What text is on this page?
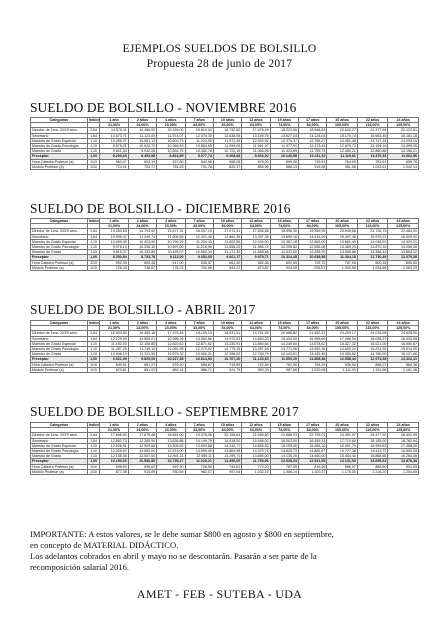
EJEMPLOS SUELDOS DE BOLSILLO
Propuesta 28 de junio de 2017
SUELDO DE BOLSILLO - NOVIEMBRE 2016
Categorías	Índice	1 año	2 años	4 años	7 años	10 años	12 años	15 años	17 años	20 años	22 años	24 años
		21,00%	24,00%	23,00%	43,00%	54,00%	64,00%	74,00%	84,00%	105,00%	115,00%	125,00%
Director de 1era. 20/29 secc.	2,64	14.575,11	14.486,00	15.169,00	15.819,00	16.732,52	17.478,49	18.223,80	18.968,63	20.622,27	21.377,94	22.122,81
Secretario	1,64	10.673,71	11.123,00	11.574,07	12.075,30	12.638,08	13.189,76	13.627,24	14.128,03	15.175,74	15.663,45	16.161,18
Maestro de Grado Especial	1,10	10.056,37	10.061,13	10.603,73	11.223,90	11.572,49	12.034,92	12.379,37	12.766,27	13.481,49	13.747,34	14.003,10
Maestro de Grado Psicología	1,10	9.675,21	10.022,72	10.369,53	10.854,85	11.099,05	11.561,97	11.977,91	12.473,43	12.679,73	13.154,16	13.390,45
Maestro de Grado	1,10	9.601,34	9.942,26	10.654,75	10.362,76	10.722,19	11.066,06	11.423,89	11.759,73	12.460,21	12.860,88	13.156,21
Preceptor	1,00	8.203,03	8.493,98	8.816,89	9.077,74	9.308,68	9.604,92	10.146,58	10.411,32	11.119,81	11.370,36	11.662,56
Hora Cátedra Profesor (a)	1/10	563,07	603,19	627,80	642,96	658,28	678,00	699,06	715,51	764,00	781,61	806,78
Módulo Profesor (a)	1/10	724,01	753,77	781,25	791,78	825,37	855,96	886,13	916,98	981,08	1.015,61	1.042,14
SUELDO DE BOLSILLO - DICIEMBRE 2016
Categorías	Índice	1 año	2 años	4 años	7 años	10 años	12 años	15 años	17 años	20 años	22 años	24 años
		21,00%	24,00%	23,00%	43,00%	54,00%	64,00%	74,00%	84,00%	105,00%	115,00%	125,00%
Director de 1era. 20/29 secc.	2,64	14.053,63	14.793,92	15.677,31	16.337,10	17.073,31	17.836,66	18.598,30	19.359,95	20.949,66	21.726,73	22.484,09
Secretario	1,64	10.908,47	11.349,74	11.606,55	12.321,40	12.862,39	13.397,35	13.899,16	14.415,09	15.497,45	15.970,07	16.509,00
Maestro de Grado Especial	1,10	10.059,05	10.424,90	10.790,25	11.204,43	11.602,50	12.034,00	12.387,18	12.863,00	13.661,49	14.048,91	14.429,31
Maestro de Grado Psicología	1,10	9.976,10	10.336,10	10.697,00	11.216,96	11.558,20	11.986,74	12.295,82	12.656,08	13.489,25	13.870,10	14.058,08
Maestro de Grado	1,10	9.815,37	10.153,89	10.494,07	10.962,34	11.171,30	11.568,66	11.931,00	12.296,92	13.080,88	13.366,42	13.604,12
Preceptor	1,00	8.350,54	8.733,78	9.113,00	9.352,05	9.661,17	9.979,71	10.314,48	10.638,58	11.304,18	11.730,49	12.079,38
Hora Cátedra Profesor (a)	1/10	592,09	609,45	617,00	635,57	661,30	682,58	692,89	725,72	787,00	800,16	806,80
Módulo Profesor (a)	1/10	726,33	748,67	778,23	792,69	843,22	873,87	904,08	935,57	1.000,58	1.034,68	1.063,29
SUELDO DE BOLSILLO - ABRIL 2017
Categorías	Índice	1 año	2 años	4 años	7 años	10 años	12 años	15 años	17 años	20 años	22 años	24 años
		21,00%	24,00%	23,00%	43,00%	54,00%	64,00%	74,00%	84,00%	105,00%	115,00%	125,00%
Director de 1era. 20/29 secc.	2,64	16.900,80	16.453,18	17.376,46	18.109,15	18.931,51	19.761,95	20.566,82	21.452,32	23.209,17	24.016,05	24.928,00
Secretario	1,64	12.129,05	12.559,21	12.996,36	13.553,86	14.072,53	14.663,33	15.433,00	15.955,69	17.268,54	18.036,37	18.433,00
Maestro de Grado Especial	1,10	11.193,00	12.108,85	12.620,62	12.871,62	13.330,91	13.880,64	14.249,60	14.678,62	15.527,32	16.021,00	16.550,67
Maestro de Grado Psicología	1,10	11.287,25	11.749,10	12.052,35	12.370,92	12.779,25	13.287,54	13.771,06	13.992,36	14.809,24	15.231,26	15.614,00
Maestro de Grado	1,10	10.946,14	11.311,50	11.679,32	12.060,21	12.396,02	12.748,79	13.143,61	13.435,46	14.300,62	14.760,00	15.121,88
Preceptor	1,00	9.521,09	9.829,00	10.227,38	10.614,93	10.767,20	11.120,60	11.500,20	11.808,38	12.558,44	12.973,28	13.322,31
Hora Cátedra Profesor (a)	1/10	640,61	661,21	676,30	686,67	715,69	742,49	761,90	784,25	836,00	868,07	884,36
Módulo Profesor (a)	1/10	823,81	851,02	882,14	886,71	924,79	950,39	987,66	1.030,08	1.111,00	1.151,68	1.181,36
SUELDO DE BOLSILLO - SEPTIEMBRE 2017
Categorías	Índice	1 año	2 años	4 años	7 años	10 años	12 años	15 años	17 años	20 años	22 años	24 años
		21,00%	24,00%	23,00%	43,00%	54,00%	64,00%	74,00%	84,00%	105,00%	115,00%	125,00%
Director de 1era. 20/29 secc.	2,64	17.696,90	17.675,48	18.651,00	19.378,08	20.158,64	21.065,60	21.886,23	22.759,07	24.451,97	25.477,90	26.402,99
Secretario	1,64	12.882,73	13.265,90	13.636,88	14.199,75	14.918,00	15.446,00	16.002,00	16.459,31	17.710,60	18.185,00	18.782,94
Maestro de Grado Especial	1,10	12.526,91	12.929,68	13.305,62	13.800,88	14.242,77	14.696,93	15.159,40	15.566,10	16.491,79	16.999,63	17.488,28
Maestro de Grado Psicología	1,10	12.308,92	12.652,00	12.974,00	13.599,40	13.864,98	14.370,76	14.825,73	14.882,87	15.777,38	16.113,72	16.500,00
Maestro de Grado	1,10	12.158,36	12.507,00	12.901,11	12.989,11	13.299,71	13.655,00	14.136,20	14.460,00	15.454,40	15.868,65	16.264,46
Preceptor	1,00	10.190,00	10.596,86	10.739,27	11.028,21	11.396,00	11.753,96	12.028,23	12.541,55	13.131,00	13.655,63	13.878,38
Hora Cátedra Profesor (a)	1/10	696,00	696,62	697,30	726,50	744,61	772,20	787,35	819,29	866,07	885,50	901,00
Módulo Profesor (a)	1/10	877,35	910,89	930,69	962,07	997,04	1.032,15	1.066,14	1.100,37	1.176,00	1.216,20	1.254,65
IMPORTANTE: A estos valores, se le debe sumar $800 en agosto y $800 en septiembre,
en concepto de MATERIAL DIDÁCTICO.
Los adelantos cobrados en abril y mayo no se descontarán. Pasarán a ser parte de la
recomposición salarial 2016.
AMET - FEB - SUTEBA - UDA
